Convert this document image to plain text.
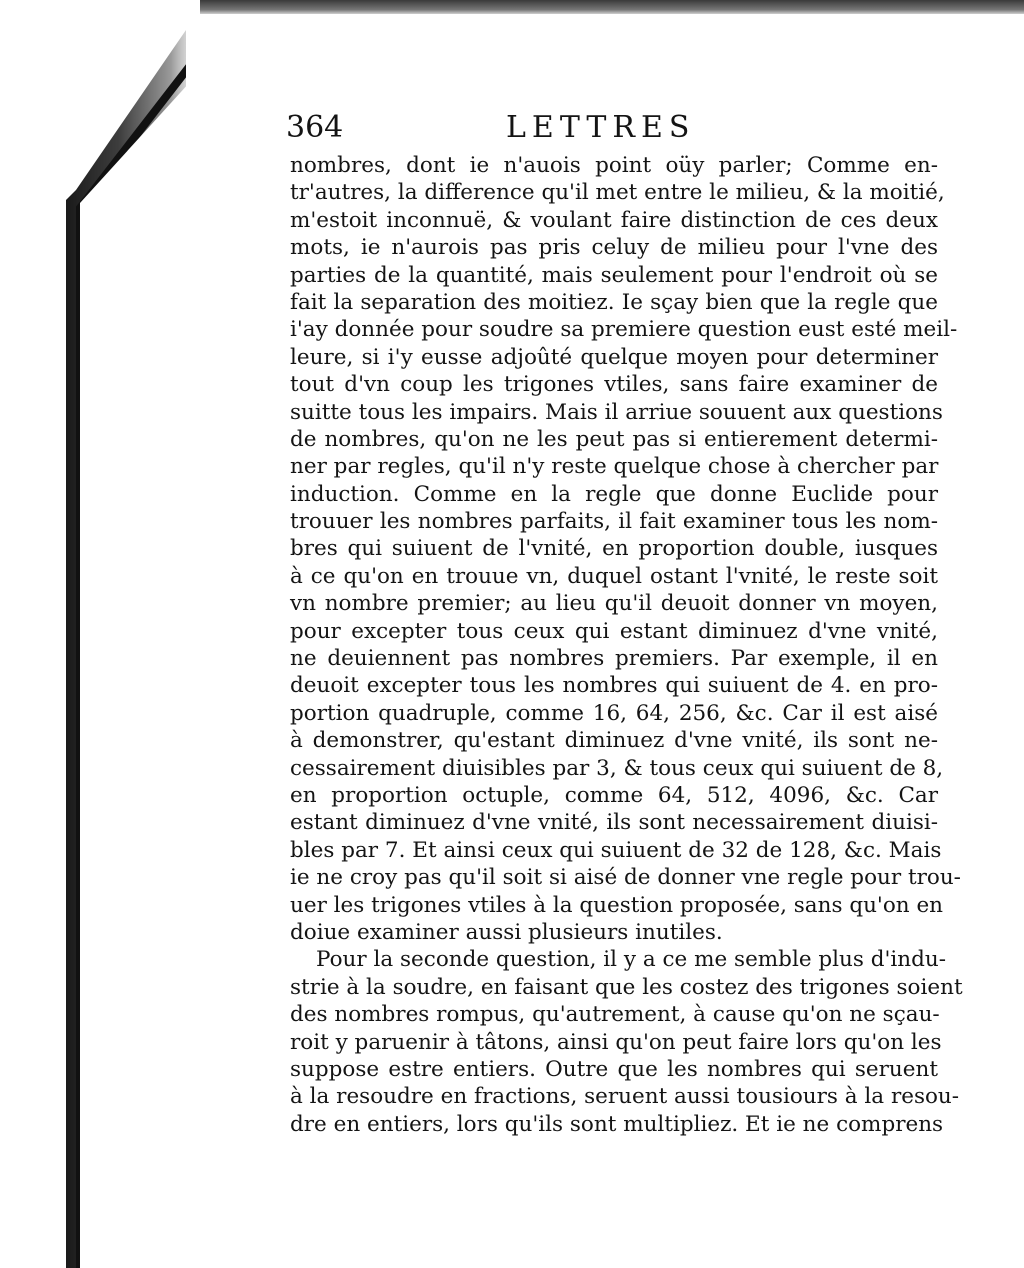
364	LETTRES
nombres, dont ie n'auois point oüy parler; Comme en-
tr'autres, la difference qu'il met entre le milieu, & la moitié,
m'estoit inconnuë, & voulant faire distinction de ces deux
mots, ie n'aurois pas pris celuy de milieu pour l'vne des
parties de la quantité, mais seulement pour l'endroit où se
fait la separation des moitiez. Ie sçay bien que la regle que
i'ay donnée pour soudre sa premiere question eust esté meil-
leure, si i'y eusse adjoûté quelque moyen pour determiner
tout d'vn coup les trigones vtiles, sans faire examiner de
suitte tous les impairs. Mais il arriue souuent aux questions
de nombres, qu'on ne les peut pas si entierement determi-
ner par regles, qu'il n'y reste quelque chose à chercher par
induction. Comme en la regle que donne Euclide pour
trouuer les nombres parfaits, il fait examiner tous les nom-
bres qui suiuent de l'vnité, en proportion double, iusques
à ce qu'on en trouue vn, duquel ostant l'vnité, le reste soit
vn nombre premier; au lieu qu'il deuoit donner vn moyen,
pour excepter tous ceux qui estant diminuez d'vne vnité,
ne deuiennent pas nombres premiers. Par exemple, il en
deuoit excepter tous les nombres qui suiuent de 4. en pro-
portion quadruple, comme 16, 64, 256, &c. Car il est aisé
à demonstrer, qu'estant diminuez d'vne vnité, ils sont ne-
cessairement diuisibles par 3, & tous ceux qui suiuent de 8,
en proportion octuple, comme 64, 512, 4096, &c. Car
estant diminuez d'vne vnité, ils sont necessairement diuisi-
bles par 7. Et ainsi ceux qui suiuent de 32 de 128, &c. Mais
ie ne croy pas qu'il soit si aisé de donner vne regle pour trou-
uer les trigones vtiles à la question proposée, sans qu'on en
doiue examiner aussi plusieurs inutiles.
Pour la seconde question, il y a ce me semble plus d'indu-
strie à la soudre, en faisant que les costez des trigones soient
des nombres rompus, qu'autrement, à cause qu'on ne sçau-
roit y paruenir à tâtons, ainsi qu'on peut faire lors qu'on les
suppose estre entiers. Outre que les nombres qui seruent
à la resoudre en fractions, seruent aussi tousiours à la resou-
dre en entiers, lors qu'ils sont multipliez. Et ie ne comprens
